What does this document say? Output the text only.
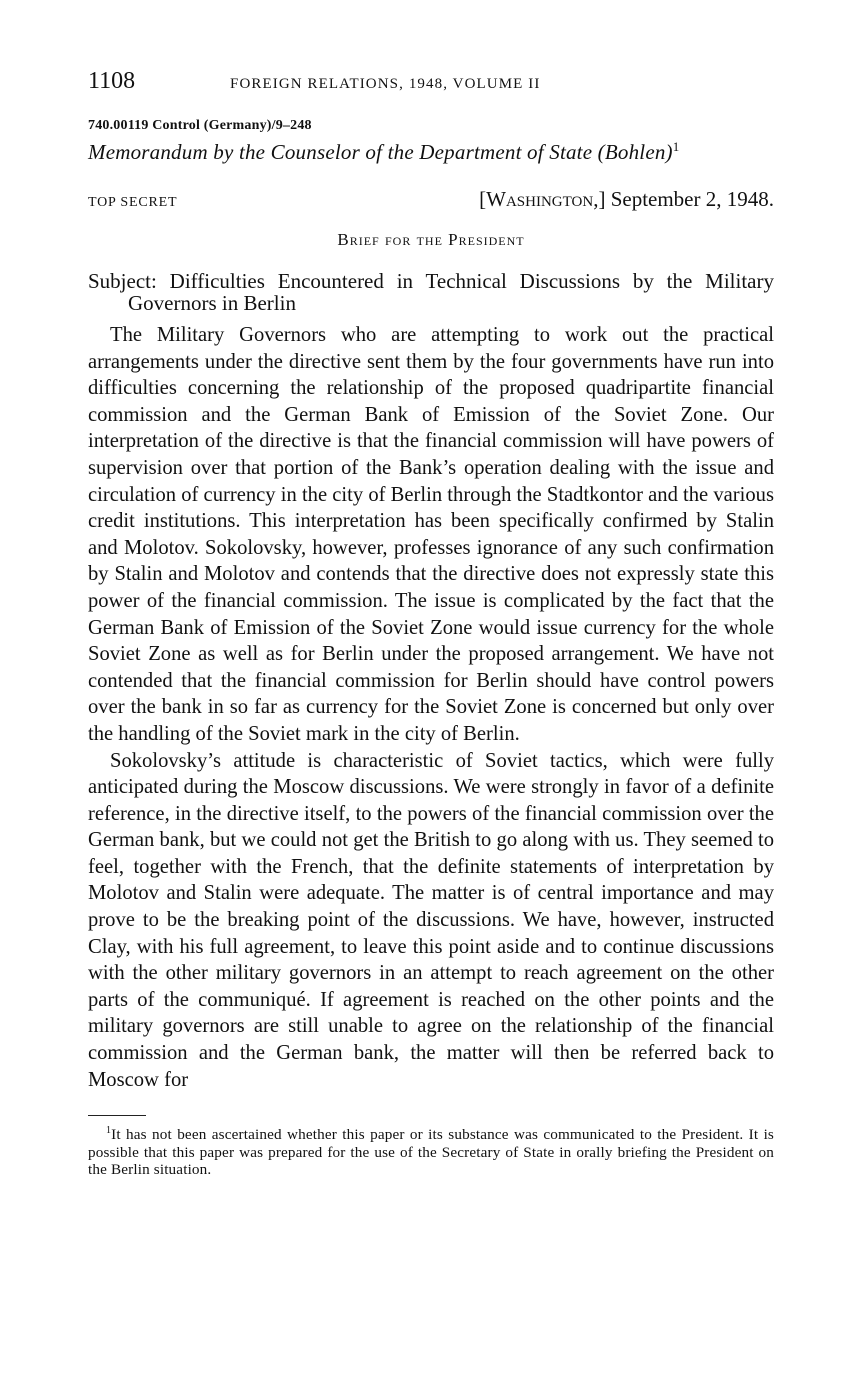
1108	FOREIGN RELATIONS, 1948, VOLUME II
740.00119 Control (Germany)/9–248
Memorandum by the Counselor of the Department of State (Bohlen)$^1$
TOP SECRET	[Washington,] September 2, 1948.
Brief for the President
Subject: Difficulties Encountered in Technical Discussions by the Military Governors in Berlin

The Military Governors who are attempting to work out the practical arrangements under the directive sent them by the four governments have run into difficulties concerning the relationship of the proposed quadripartite financial commission and the German Bank of Emission of the Soviet Zone. Our interpretation of the directive is that the financial commission will have powers of supervision over that portion of the Bank’s operation dealing with the issue and circulation of currency in the city of Berlin through the Stadtkontor and the various credit institutions. This interpretation has been specifically confirmed by Stalin and Molotov. Sokolovsky, however, professes ignorance of any such confirmation by Stalin and Molotov and contends that the directive does not expressly state this power of the financial commission. The issue is complicated by the fact that the German Bank of Emission of the Soviet Zone would issue currency for the whole Soviet Zone as well as for Berlin under the proposed arrangement. We have not contended that the financial commission for Berlin should have control powers over the bank in so far as currency for the Soviet Zone is concerned but only over the handling of the Soviet mark in the city of Berlin.

Sokolovsky’s attitude is characteristic of Soviet tactics, which were fully anticipated during the Moscow discussions. We were strongly in favor of a definite reference, in the directive itself, to the powers of the financial commission over the German bank, but we could not get the British to go along with us. They seemed to feel, together with the French, that the definite statements of interpretation by Molotov and Stalin were adequate. The matter is of central importance and may prove to be the breaking point of the discussions. We have, however, instructed Clay, with his full agreement, to leave this point aside and to continue discussions with the other military governors in an attempt to reach agreement on the other parts of the communiqué. If agreement is reached on the other points and the military governors are still unable to agree on the relationship of the financial commission and the German bank, the matter will then be referred back to Moscow for

$^1$It has not been ascertained whether this paper or its substance was communicated to the President. It is possible that this paper was prepared for the use of the Secretary of State in orally briefing the President on the Berlin situation.
